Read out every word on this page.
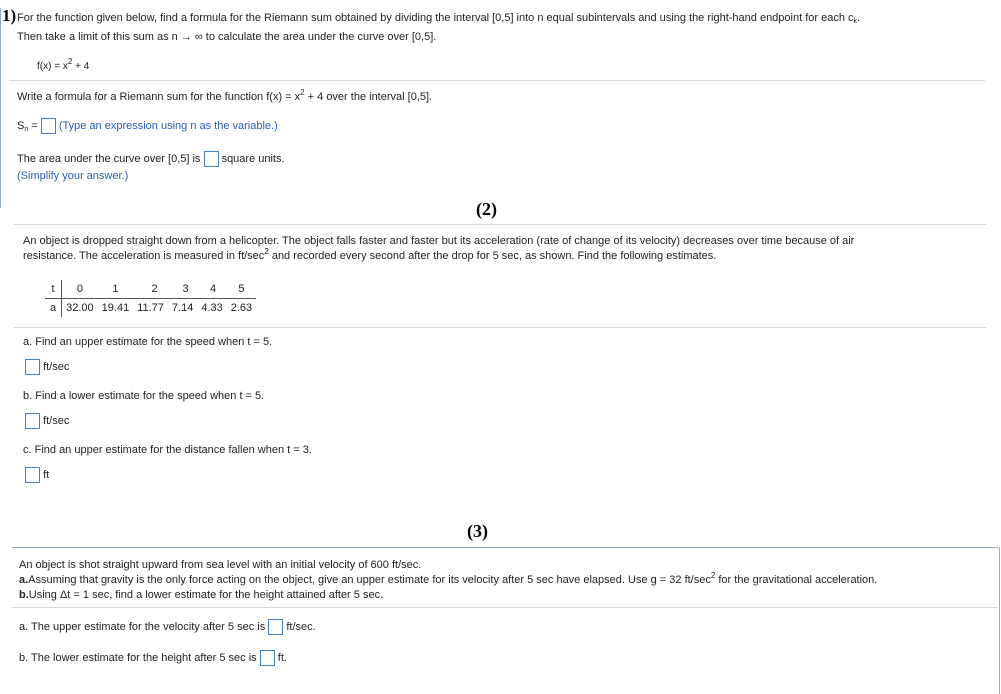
1) For the function given below, find a formula for the Riemann sum obtained by dividing the interval [0,5] into n equal subintervals and using the right-hand endpoint for each $c_k$.
Then take a limit of this sum as n → ∞ to calculate the area under the curve over [0,5].
$f(x) = x^2 + 4$
Write a formula for a Riemann sum for the function $f(x) = x^2 + 4$ over the interval [0,5].
$S_n$ = (Type an expression using n as the variable.)
The area under the curve over [0,5] is square units.
(Simplify your answer.)
(2)
An object is dropped straight down from a helicopter. The object falls faster and faster but its acceleration (rate of change of its velocity) decreases over time because of air
resistance. The acceleration is measured in $ft/\sec^2$ and recorded every second after the drop for 5 sec, as shown. Find the following estimates.
t	0	1	2	3	4	5
a	32.00	19.41	11.77	7.14	4.33	2.63
a. Find an upper estimate for the speed when t = 5.
ft/sec
b. Find a lower estimate for the speed when t = 5.
ft/sec
c. Find an upper estimate for the distance fallen when t = 3.
ft
(3)
An object is shot straight upward from sea level with an initial velocity of 600 ft/sec.
a.Assuming that gravity is the only force acting on the object, give an upper estimate for its velocity after 5 sec have elapsed. Use g = 32 $ft/\sec^2$ for the gravitational acceleration.
b.Using Δt = 1 sec, find a lower estimate for the height attained after 5 sec.
a. The upper estimate for the velocity after 5 sec is ft/sec.
b. The lower estimate for the height after 5 sec is ft.
